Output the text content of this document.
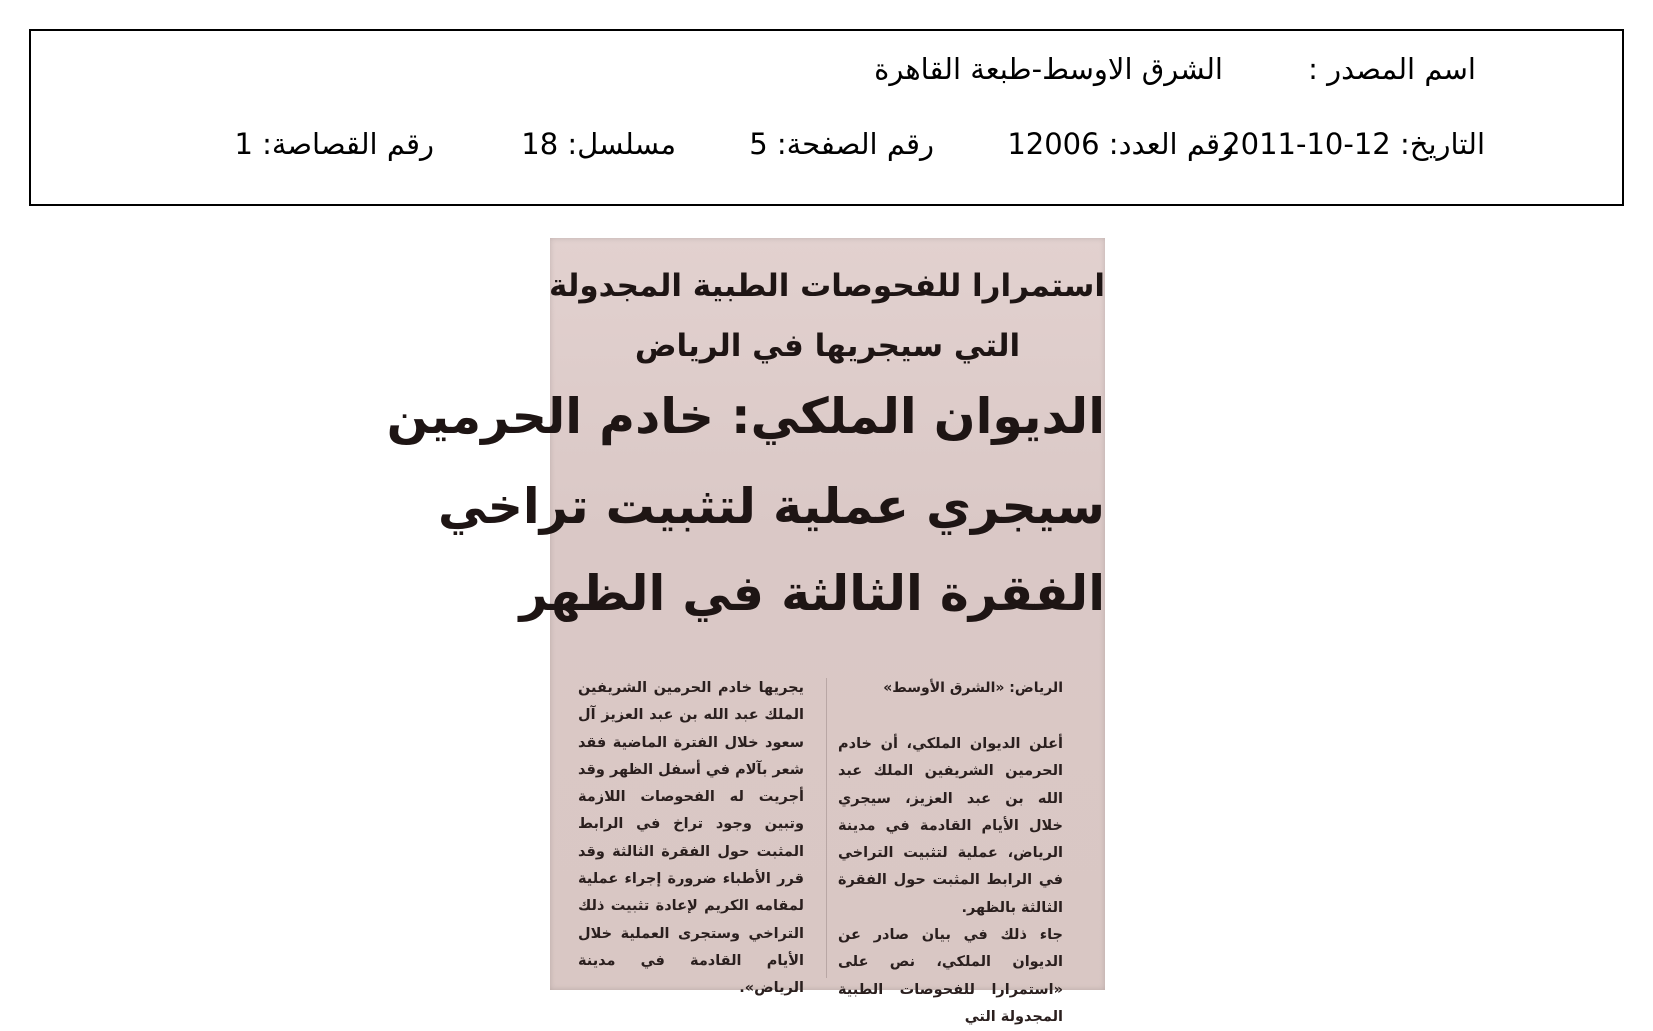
اسم المصدر :
الشرق الاوسط-طبعة القاهرة
التاريخ: 12-10-2011
رقم العدد: 12006
رقم الصفحة: 5
مسلسل: 18
رقم القصاصة: 1
استمرارا للفحوصات الطبية المجدولة
التي سيجريها في الرياض
الديوان الملكي: خادم الحرمين
سيجري عملية لتثبيت تراخي
الفقرة الثالثة في الظهر
الرياض: «الشرق الأوسط»

أعلن الديوان الملكي، أن خادم الحرمين الشريفين الملك عبد الله بن عبد العزيز، سيجري خلال الأيام القادمة في مدينة الرياض، عملية لتثبيت التراخي في الرابط المثبت حول الفقرة الثالثة بالظهر.

جاء ذلك في بيان صادر عن الديوان الملكي، نص على «استمرارا للفحوصات الطبية المجدولة التي

يجريها خادم الحرمين الشريفين الملك عبد الله بن عبد العزيز آل سعود خلال الفترة الماضية فقد شعر بآلام في أسفل الظهر وقد أجريت له الفحوصات اللازمة وتبين وجود تراخ في الرابط المثبت حول الفقرة الثالثة وقد قرر الأطباء ضرورة إجراء عملية لمقامه الكريم لإعادة تثبيت ذلك التراخي وستجرى العملية خلال الأيام القادمة في مدينة الرياض».
